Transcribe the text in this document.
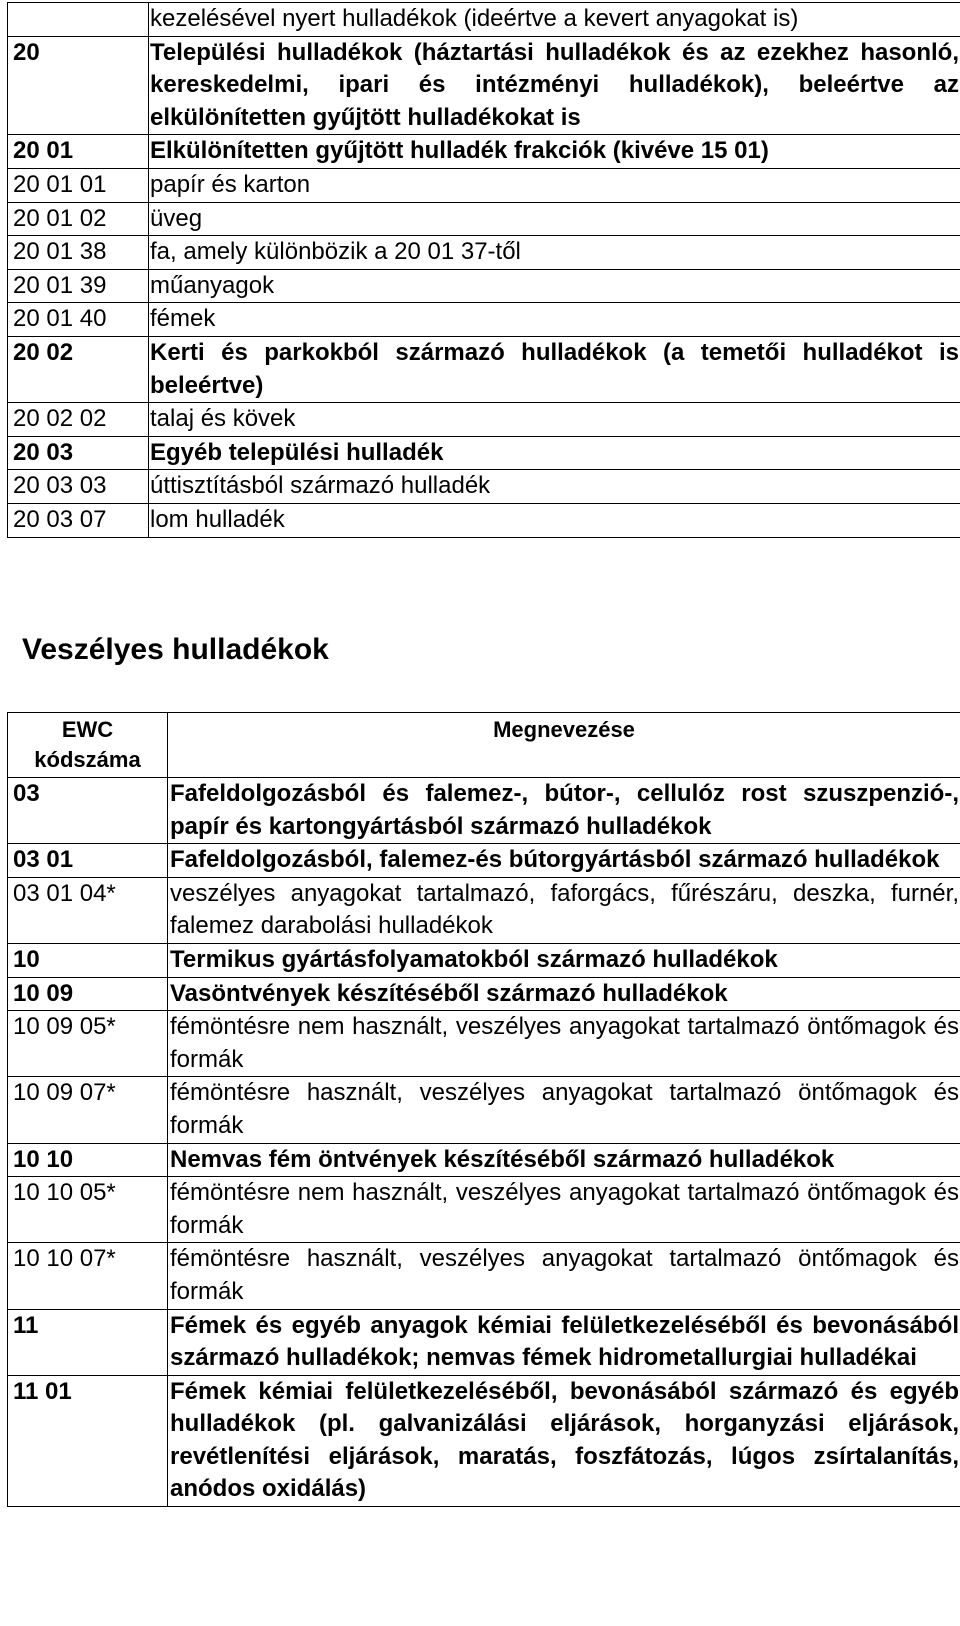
	kezelésével nyert hulladékok (ideértve a kevert anyagokat is)
20	Települési hulladékok (háztartási hulladékok és az ezekhez hasonló, kereskedelmi, ipari és intézményi hulladékok), beleértve az elkülönítetten gyűjtött hulladékokat is
20 01	Elkülönítetten gyűjtött hulladék frakciók (kivéve 15 01)
20 01 01	papír és karton
20 01 02	üveg
20 01 38	fa, amely különbözik a 20 01 37-től
20 01 39	műanyagok
20 01 40	fémek
20 02	Kerti és parkokból származó hulladékok (a temetői hulladékot is beleértve)
20 02 02	talaj és kövek
20 03	Egyéb települési hulladék
20 03 03	úttisztításból származó hulladék
20 03 07	lom hulladék
Veszélyes hulladékok
EWC kódszáma	Megnevezése
03	Fafeldolgozásból és falemez-, bútor-, cellulóz rost szuszpenzió-, papír és kartongyártásból származó hulladékok
03 01	Fafeldolgozásból, falemez-és bútorgyártásból származó hulladékok
03 01 04*	veszélyes anyagokat tartalmazó, faforgács, fűrészáru, deszka, furnér, falemez darabolási hulladékok
10	Termikus gyártásfolyamatokból származó hulladékok
10 09	Vasöntvények készítéséből származó hulladékok
10 09 05*	fémöntésre nem használt, veszélyes anyagokat tartalmazó öntőmagok és formák
10 09 07*	fémöntésre használt, veszélyes anyagokat tartalmazó öntőmagok és formák
10 10	Nemvas fém öntvények készítéséből származó hulladékok
10 10 05*	fémöntésre nem használt, veszélyes anyagokat tartalmazó öntőmagok és formák
10 10 07*	fémöntésre használt, veszélyes anyagokat tartalmazó öntőmagok és formák
11	Fémek és egyéb anyagok kémiai felületkezeléséből és bevonásából származó hulladékok; nemvas fémek hidrometallurgiai hulladékai
11 01	Fémek kémiai felületkezeléséből, bevonásából származó és egyéb hulladékok (pl. galvanizálási eljárások, horganyzási eljárások, revétlenítési eljárások, maratás, foszfátozás, lúgos zsírtalanítás, anódos oxidálás)
